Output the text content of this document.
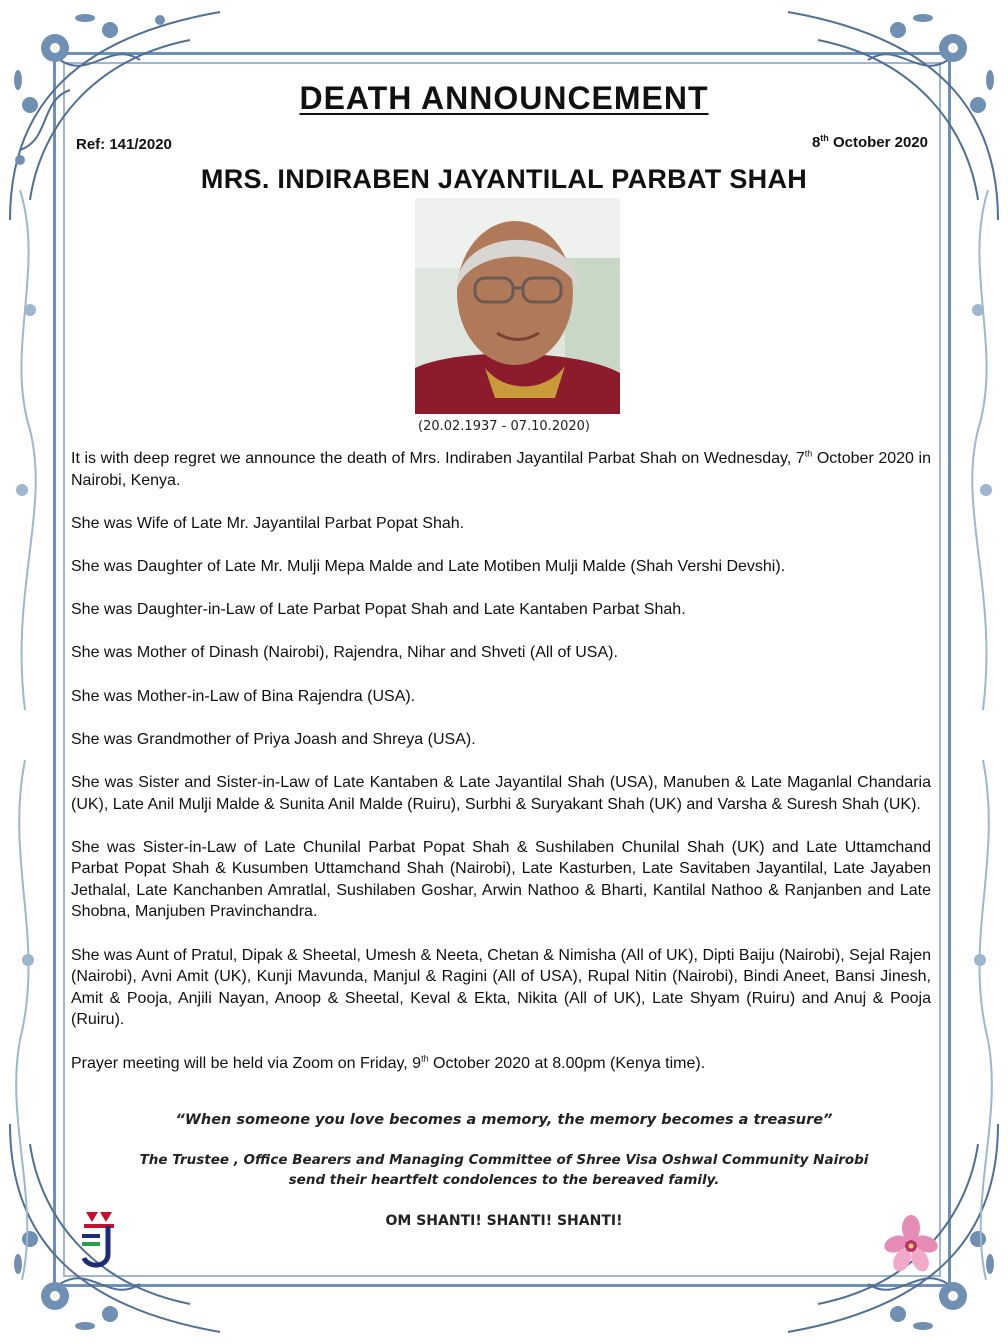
DEATH ANNOUNCEMENT
Ref: 141/2020	8th October 2020
MRS. INDIRABEN JAYANTILAL PARBAT SHAH
(20.02.1937 - 07.10.2020)

It is with deep regret we announce the death of Mrs. Indiraben Jayantilal Parbat Shah on Wednesday, 7th October 2020 in Nairobi, Kenya.

She was Wife of Late Mr. Jayantilal Parbat Popat Shah.

She was Daughter of Late Mr. Mulji Mepa Malde and Late Motiben Mulji Malde (Shah Vershi Devshi).

She was Daughter-in-Law of Late Parbat Popat Shah and Late Kantaben Parbat Shah.

She was Mother of Dinash (Nairobi), Rajendra, Nihar and Shveti (All of USA).

She was Mother-in-Law of Bina Rajendra (USA).

She was Grandmother of Priya Joash and Shreya (USA).

She was Sister and Sister-in-Law of Late Kantaben & Late Jayantilal Shah (USA), Manuben & Late Maganlal Chandaria (UK), Late Anil Mulji Malde & Sunita Anil Malde (Ruiru), Surbhi & Suryakant Shah (UK) and Varsha & Suresh Shah (UK).

She was Sister-in-Law of Late Chunilal Parbat Popat Shah & Sushilaben Chunilal Shah (UK) and Late Uttamchand Parbat Popat Shah & Kusumben Uttamchand Shah (Nairobi), Late Kasturben, Late Savitaben Jayantilal, Late Jayaben Jethalal, Late Kanchanben Amratlal, Sushilaben Goshar, Arwin Nathoo & Bharti, Kantilal Nathoo & Ranjanben and Late Shobna, Manjuben Pravinchandra.

She was Aunt of Pratul, Dipak & Sheetal, Umesh & Neeta, Chetan & Nimisha (All of UK), Dipti Baiju (Nairobi), Sejal Rajen (Nairobi), Avni Amit (UK), Kunji Mavunda, Manjul & Ragini (All of USA), Rupal Nitin (Nairobi), Bindi Aneet, Bansi Jinesh, Amit & Pooja, Anjili Nayan, Anoop & Sheetal, Keval & Ekta, Nikita (All of UK), Late Shyam (Ruiru) and Anuj & Pooja (Ruiru).

Prayer meeting will be held via Zoom on Friday, 9th October 2020 at 8.00pm (Kenya time).

“When someone you love becomes a memory, the memory becomes a treasure”
The Trustee , Office Bearers and Managing Committee of Shree Visa Oshwal Community Nairobi
send their heartfelt condolences to the bereaved family.
OM SHANTI! SHANTI! SHANTI!
